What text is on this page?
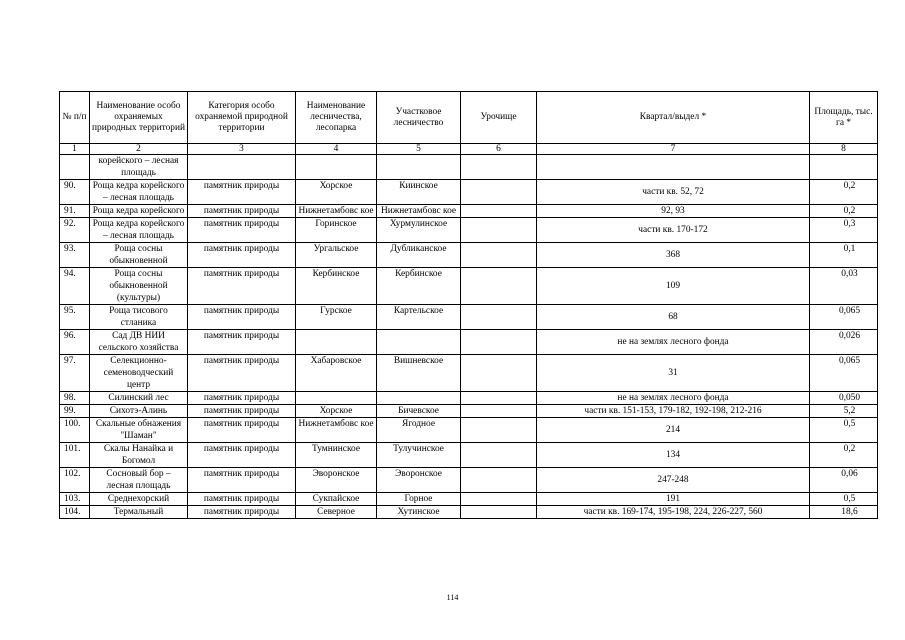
№ п/п	Наименование особо охраняемых природных территорий	Категория особо охраняемой природной территории	Наименование лесничества, лесопарка	Участковое лесничество	Урочище	Квартал/выдел *	Площадь, тыс. га *
1	2	3	4	5	6	7	8
	корейского – лесная площадь						
90.	Роща кедра корейского – лесная площадь	памятник природы	Хорское	Киинское		части кв. 52, 72	0,2
91.	Роща кедра корейского	памятник природы	Нижнетамбовс кое	Нижнетамбовс кое		92, 93	0,2
92.	Роща кедра корейского – лесная площадь	памятник природы	Горинское	Хурмулинское		части кв. 170-172	0,3
93.	Роща сосны обыкновенной	памятник природы	Ургальское	Дубликанское		368	0,1
94.	Роща сосны обыкновенной (культуры)	памятник природы	Кербинское	Кербинское		109	0,03
95.	Роща тисового стланика	памятник природы	Гурское	Картельское		68	0,065
96.	Сад ДВ НИИ сельского хозяйства	памятник природы				не на землях лесного фонда	0,026
97.	Селекционно-семеноводческий центр	памятник природы	Хабаровское	Вишневское		31	0,065
98.	Силинский лес	памятник природы				не на землях лесного фонда	0,050
99.	Сихотэ-Алинь	памятник природы	Хорское	Бичевское		части кв. 151-153, 179-182, 192-198, 212-216	5,2
100.	Скальные обнажения "Шаман"	памятник природы	Нижнетамбовс кое	Ягодное		214	0,5
101.	Скалы Нанайка и Богомол	памятник природы	Тумнинское	Тулучинское		134	0,2
102.	Сосновый бор – лесная площадь	памятник природы	Эворонское	Эворонское		247-248	0,06
103.	Среднехорский	памятник природы	Сукпайское	Горное		191	0,5
104.	Термальный	памятник природы	Северное	Хутинское		части кв. 169-174, 195-198, 224, 226-227, 560	18,6
114
